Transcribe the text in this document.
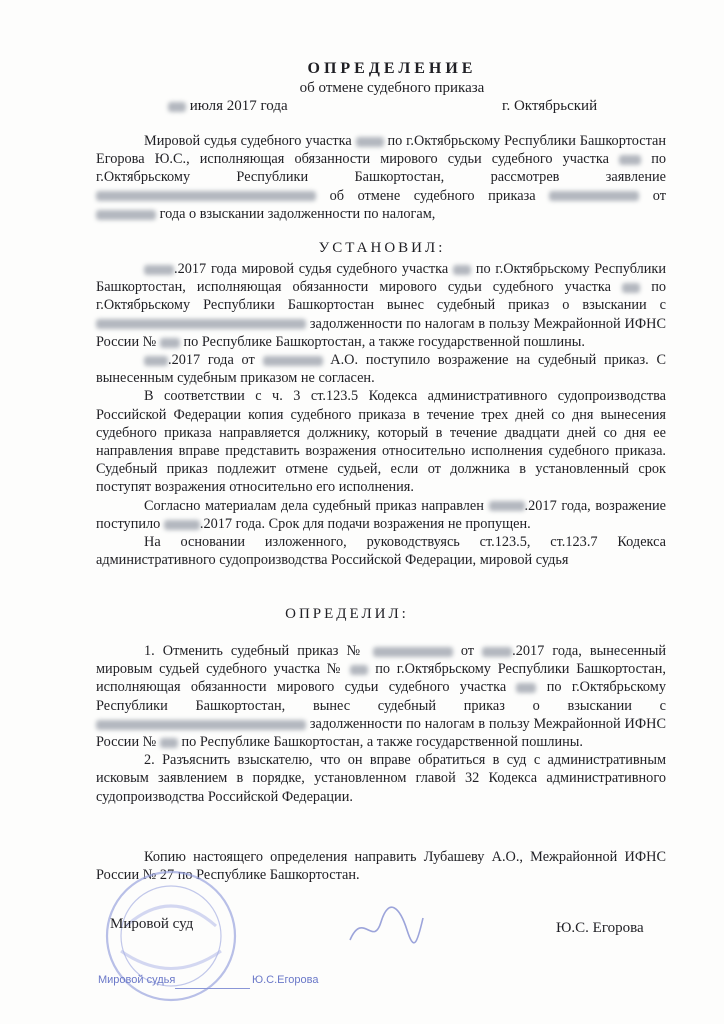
ОПРЕДЕЛЕНИЕ
об отмене судебного приказа
июля 2017 года	г. Октябрьский

Мировой судья судебного участка	по г.Октябрьскому Республики Башкортостан Егорова Ю.С., исполняющая обязанности мирового судьи судебного участка	по г.Октябрьскому Республики Башкортостан, рассмотрев заявление  об отмене судебного приказа	от  года о взыскании задолженности по налогам,

УСТАНОВИЛ:

.2017 года мировой судья судебного участка по г.Октябрьскому Республики Башкортостан, исполняющая обязанности мирового судьи судебного участка	по г.Октябрьскому Республики Башкортостан вынес судебный приказ о взыскании с  задолженности по налогам в пользу Межрайонной ИФНС России № по Республике Башкортостан, а также государственной пошлины.

.2017 года от	А.О. поступило возражение на судебный приказ. С вынесенным судебным приказом не согласен.

В соответствии с ч. 3 ст.123.5 Кодекса административного судопроизводства Российской Федерации копия судебного приказа в течение трех дней со дня вынесения судебного приказа направляется должнику, который в течение двадцати дней со дня ее направления вправе представить возражения относительно исполнения судебного приказа. Судебный приказ подлежит отмене судьей, если от должника в установленный срок поступят возражения относительно его исполнения.

Согласно материалам дела судебный приказ направлен	.2017 года, возражение поступило	.2017 года. Срок для подачи возражения не пропущен.

На основании изложенного, руководствуясь ст.123.5, ст.123.7 Кодекса административного судопроизводства Российской Федерации, мировой судья

ОПРЕДЕЛИЛ:

1. Отменить судебный приказ №	от	.2017 года, вынесенный мировым судьей судебного участка № по г.Октябрьскому Республики Башкортостан, исполняющая обязанности мирового судьи судебного участка	по г.Октябрьскому Республики Башкортостан, вынес судебный приказ о взыскании с  задолженности по налогам в пользу Межрайонной ИФНС России № по Республике Башкортостан, а также государственной пошлины.

2. Разъяснить взыскателю, что он вправе обратиться в суд с административным исковым заявлением в порядке, установленном главой 32 Кодекса административного судопроизводства Российской Федерации.

Копию настоящего определения направить Лубашеву А.О., Межрайонной ИФНС России № 27 по Республике Башкортостан.

Мировой суд	Ю.С. Егорова
Мировой судья	Ю.С.Егорова
